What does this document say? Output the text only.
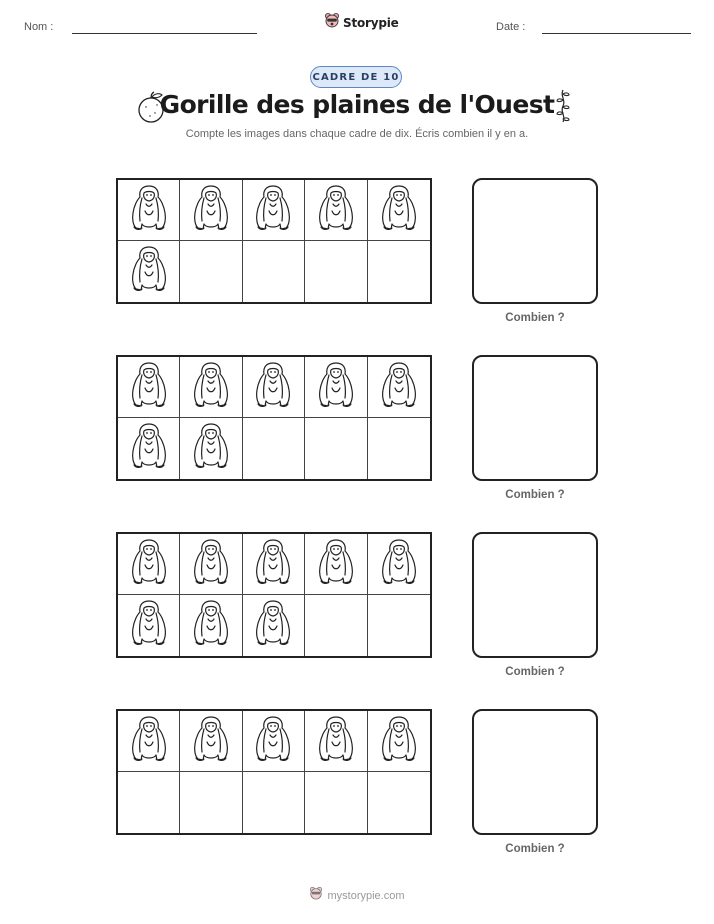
Nom :	Storypie	Date :
CADRE DE 10
Gorille des plaines de l'Ouest
Compte les images dans chaque cadre de dix. Écris combien il y en a.
Combien ?
Combien ?
Combien ?
Combien ?
mystorypie.com
